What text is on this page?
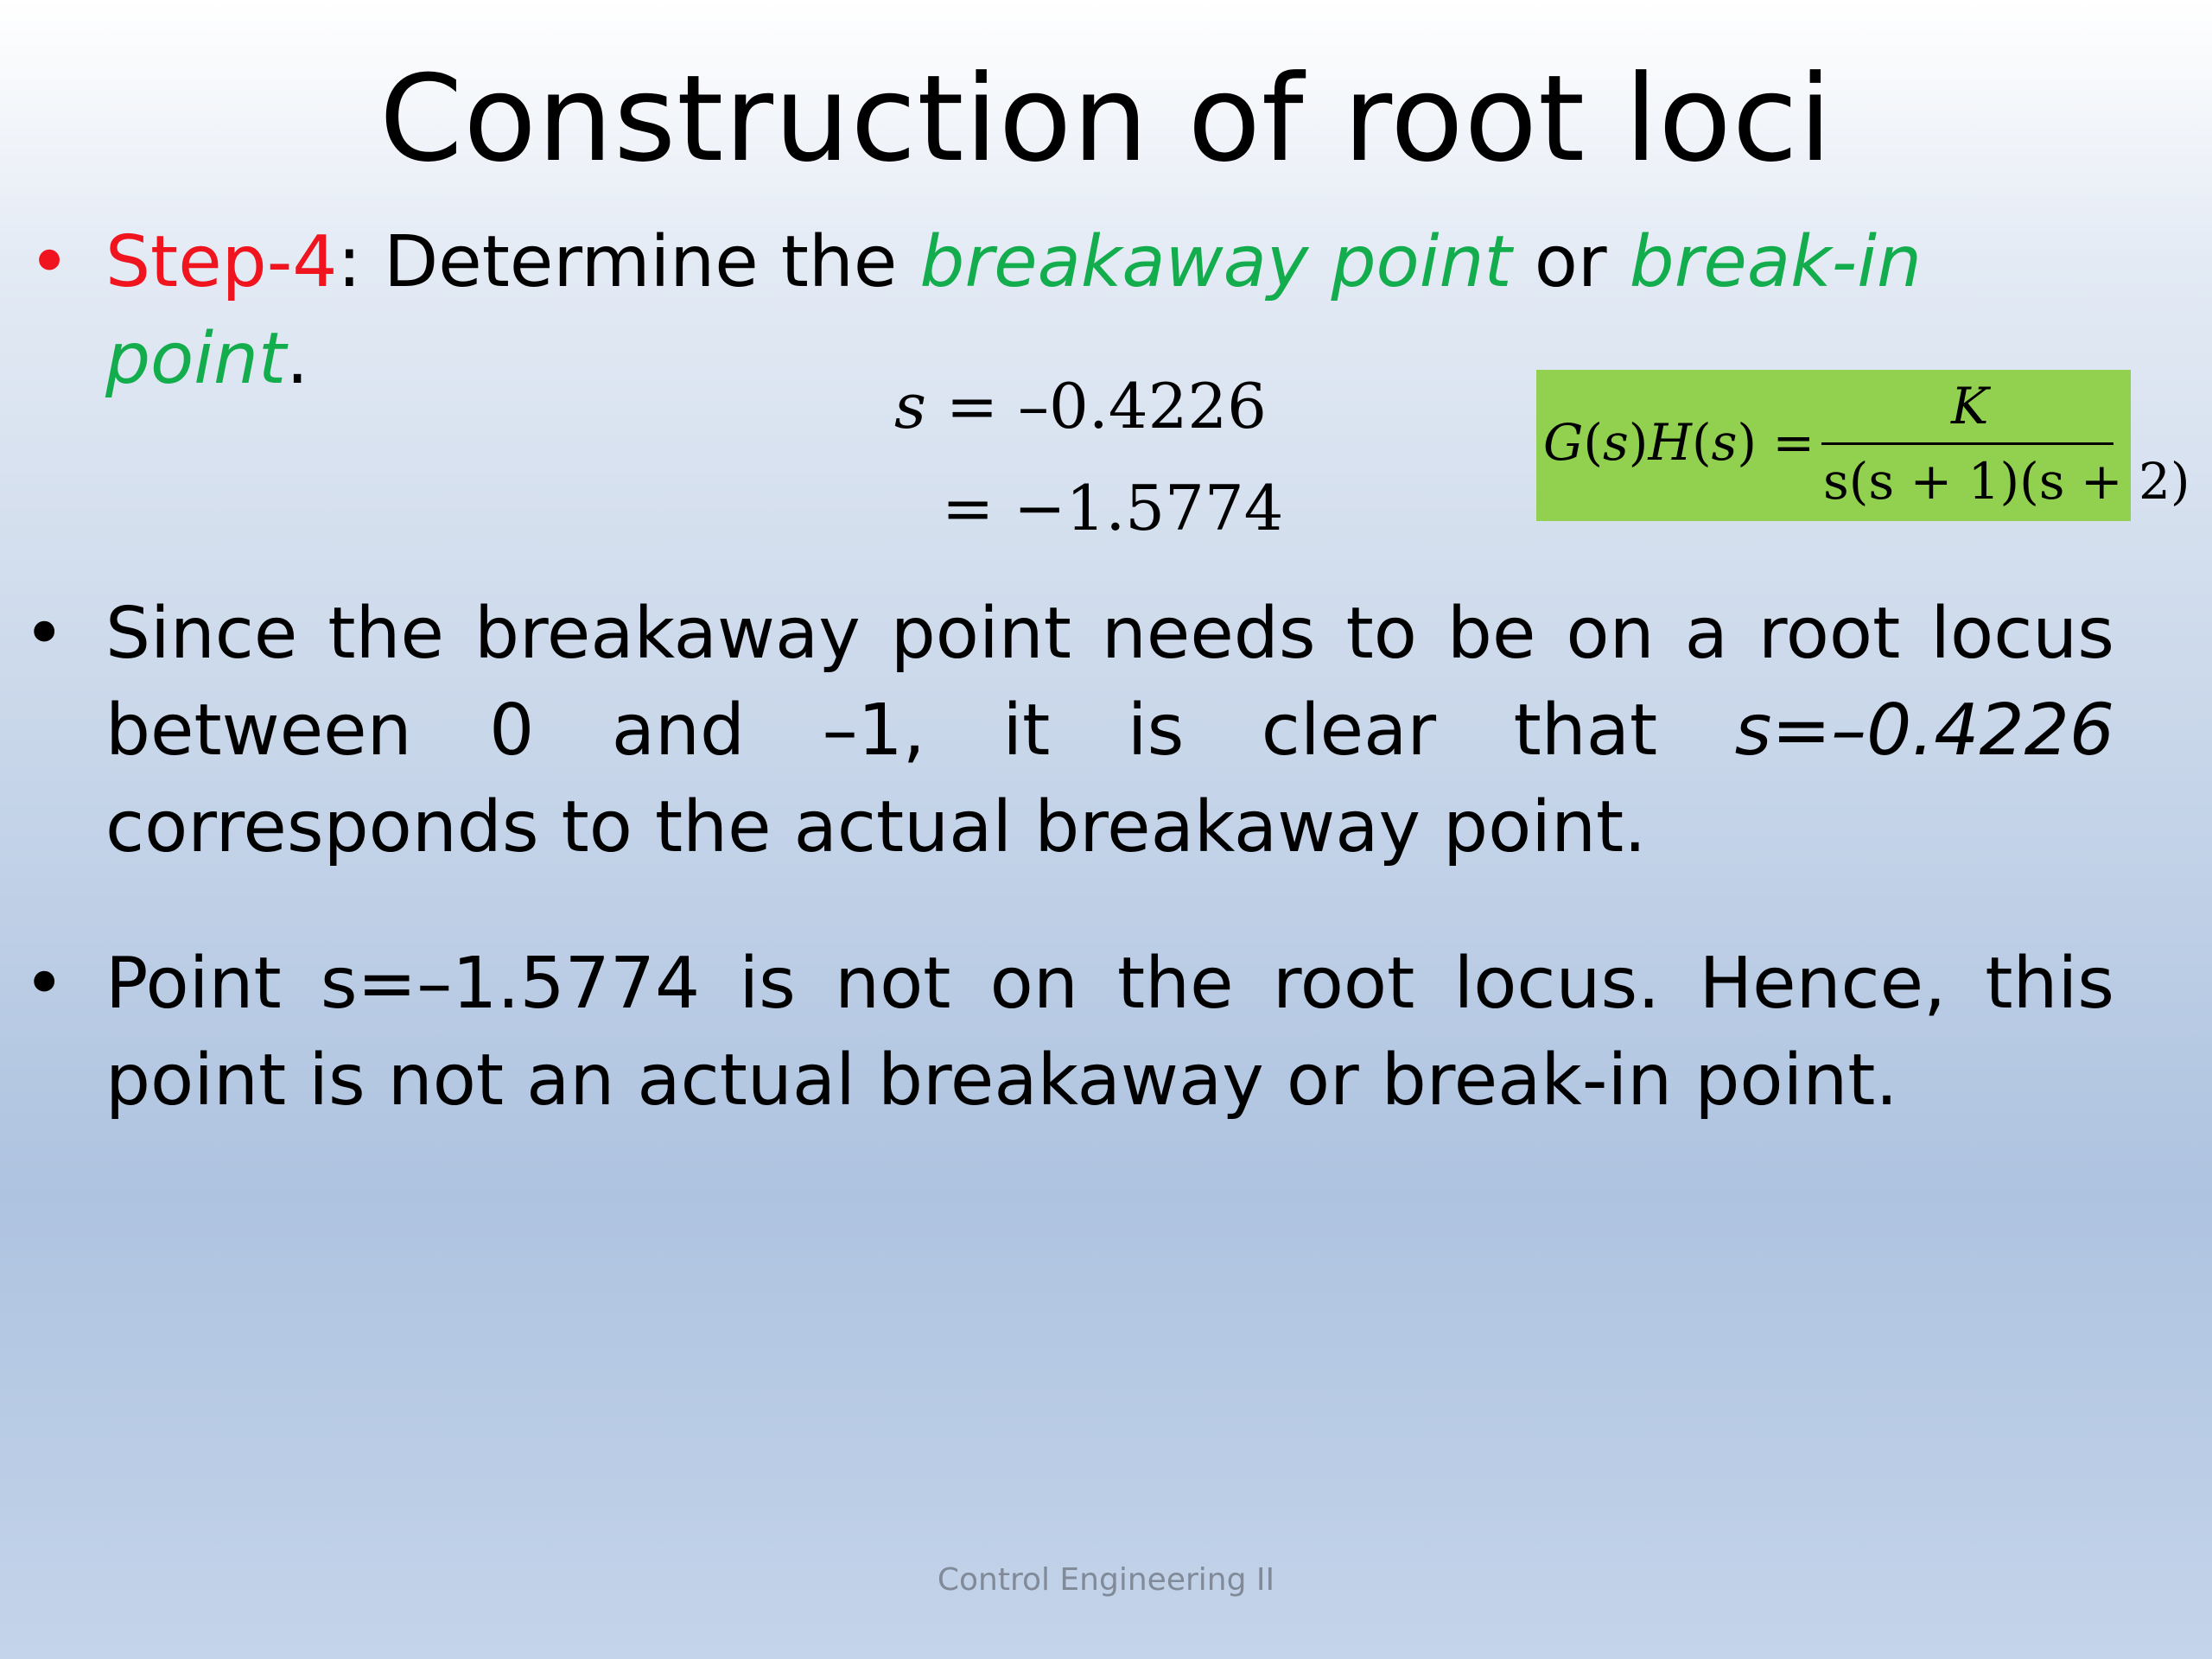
Construction of root loci
• Step-4: Determine the breakaway point or break-in point.
s = –0.4226
= −1.5774
G(s)H(s) =
K
s(s + 1)(s + 2)
• Since the breakaway point needs to be on a root locus between 0 and –1, it is clear that s=–0.4226 corresponds to the actual breakaway point.
• Point s=–1.5774 is not on the root locus. Hence, this point is not an actual breakaway or break-in point.
Control Engineering II
